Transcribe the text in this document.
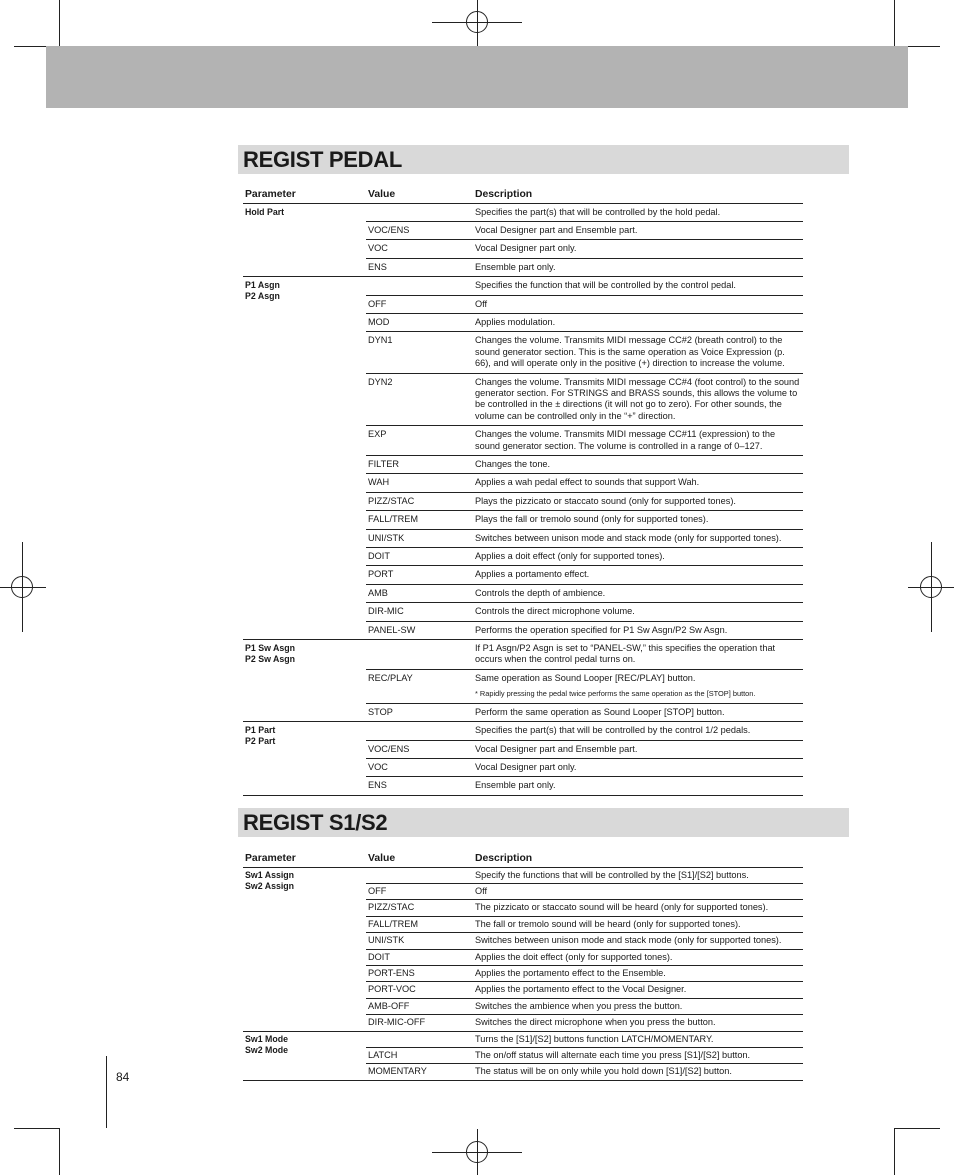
REGIST PEDAL
Parameter	Value	Description
Hold Part		Specifies the part(s) that will be controlled by the hold pedal.
	VOC/ENS	Vocal Designer part and Ensemble part.
	VOC	Vocal Designer part only.
	ENS	Ensemble part only.
P1 Asgn
P2 Asgn		Specifies the function that will be controlled by the control pedal.
	OFF	Off
	MOD	Applies modulation.
	DYN1	Changes the volume. Transmits MIDI message CC#2 (breath control) to the sound generator section. This is the same operation as Voice Expression (p. 66), and will operate only in the positive (+) direction to increase the volume.
	DYN2	Changes the volume. Transmits MIDI message CC#4 (foot control) to the sound generator section. For STRINGS and BRASS sounds, this allows the volume to be controlled in the ± directions (it will not go to zero). For other sounds, the volume can be controlled only in the “+” direction.
	EXP	Changes the volume. Transmits MIDI message CC#11 (expression) to the sound generator section. The volume is controlled in a range of 0–127.
	FILTER	Changes the tone.
	WAH	Applies a wah pedal effect to sounds that support Wah.
	PIZZ/STAC	Plays the pizzicato or staccato sound (only for supported tones).
	FALL/TREM	Plays the fall or tremolo sound (only for supported tones).
	UNI/STK	Switches between unison mode and stack mode (only for supported tones).
	DOIT	Applies a doit effect (only for supported tones).
	PORT	Applies a portamento effect.
	AMB	Controls the depth of ambience.
	DIR-MIC	Controls the direct microphone volume.
	PANEL-SW	Performs the operation specified for P1 Sw Asgn/P2 Sw Asgn.
P1 Sw Asgn
P2 Sw Asgn		If P1 Asgn/P2 Asgn is set to “PANEL-SW,” this specifies the operation that occurs when the control pedal turns on.
	REC/PLAY	Same operation as Sound Looper [REC/PLAY] button.
* Rapidly pressing the pedal twice performs the same operation as the [STOP] button.

	STOP	Perform the same operation as Sound Looper [STOP] button.
P1 Part
P2 Part		Specifies the part(s) that will be controlled by the control 1/2 pedals.
	VOC/ENS	Vocal Designer part and Ensemble part.
	VOC	Vocal Designer part only.
	ENS	Ensemble part only.
REGIST S1/S2
Parameter	Value	Description
Sw1 Assign
Sw2 Assign		Specify the functions that will be controlled by the [S1]/[S2] buttons.
	OFF	Off
	PIZZ/STAC	The pizzicato or staccato sound will be heard (only for supported tones).
	FALL/TREM	The fall or tremolo sound will be heard (only for supported tones).
	UNI/STK	Switches between unison mode and stack mode (only for supported tones).
	DOIT	Applies the doit effect (only for supported tones).
	PORT-ENS	Applies the portamento effect to the Ensemble.
	PORT-VOC	Applies the portamento effect to the Vocal Designer.
	AMB-OFF	Switches the ambience when you press the button.
	DIR-MIC-OFF	Switches the direct microphone when you press the button.
Sw1 Mode
Sw2 Mode		Turns the [S1]/[S2] buttons function LATCH/MOMENTARY.
	LATCH	The on/off status will alternate each time you press [S1]/[S2] button.
	MOMENTARY	The status will be on only while you hold down [S1]/[S2] button.
84
